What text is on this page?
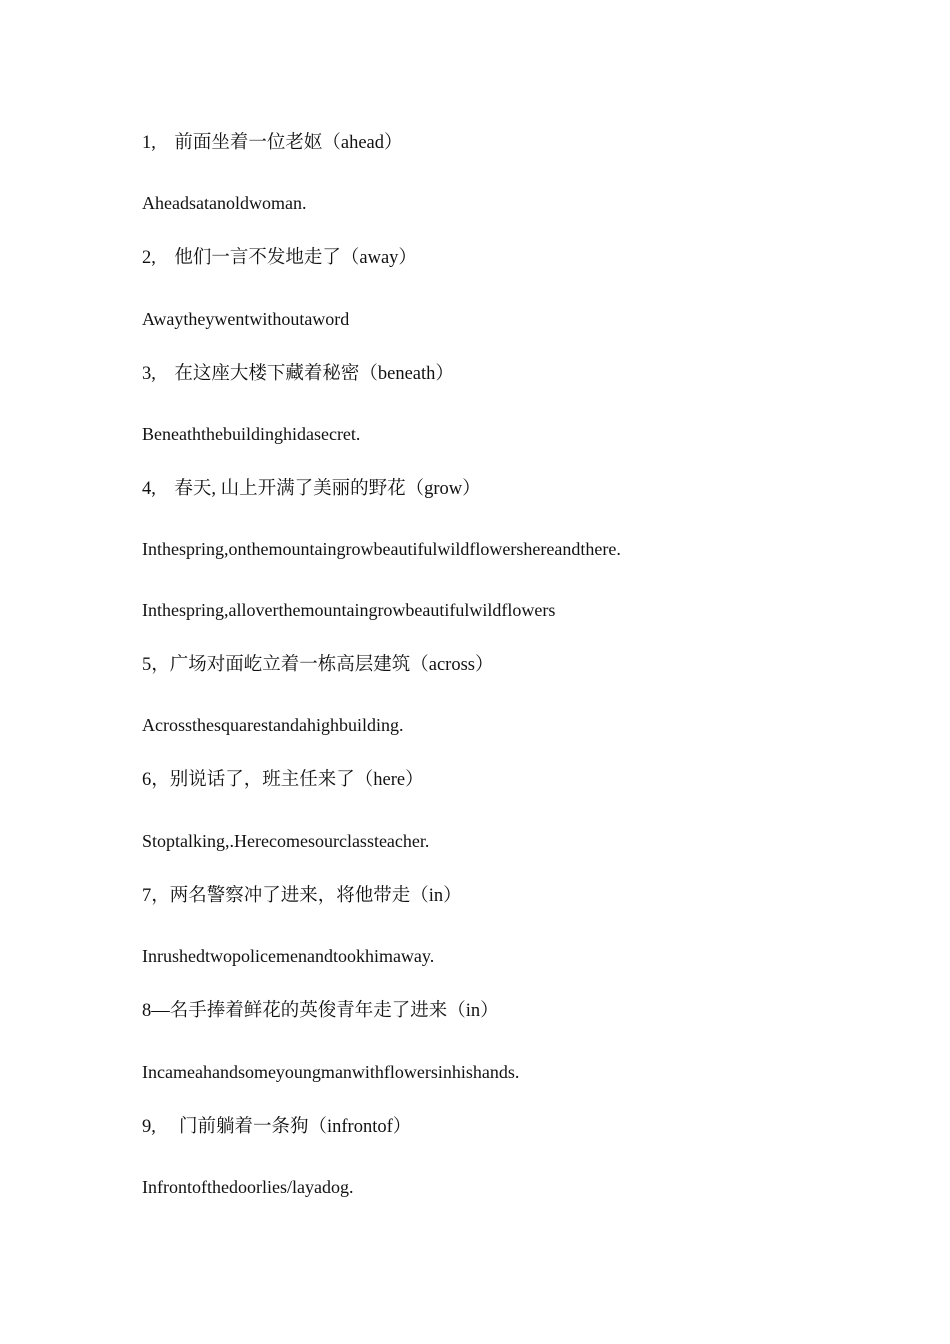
1,　前面坐着一位老妪（ahead）
Aheadsatanoldwoman.
2,　他们一言不发地走了（away）
Awaytheywentwithoutaword
3,　在这座大楼下藏着秘密（beneath）
Beneaththebuildinghidasecret.
4,　春天, 山上开满了美丽的野花（grow）
Inthespring,onthemountaingrowbeautifulwildflowershereandthere.
Inthespring,alloverthemountaingrowbeautifulwildflowers
5，广场对面屹立着一栋高层建筑（across）
Acrossthesquarestandahighbuilding.
6，别说话了，班主任来了（here）
Stoptalking,.Herecomesourclassteacher.
7，两名警察冲了进来，将他带走（in）
Inrushedtwopolicemenandtookhimaway.
8—名手捧着鲜花的英俊青年走了进来（in）
Incameahandsomeyoungmanwithflowersinhishands.
9,　 门前躺着一条狗（infrontof）
Infrontofthedoorlies/layadog.
